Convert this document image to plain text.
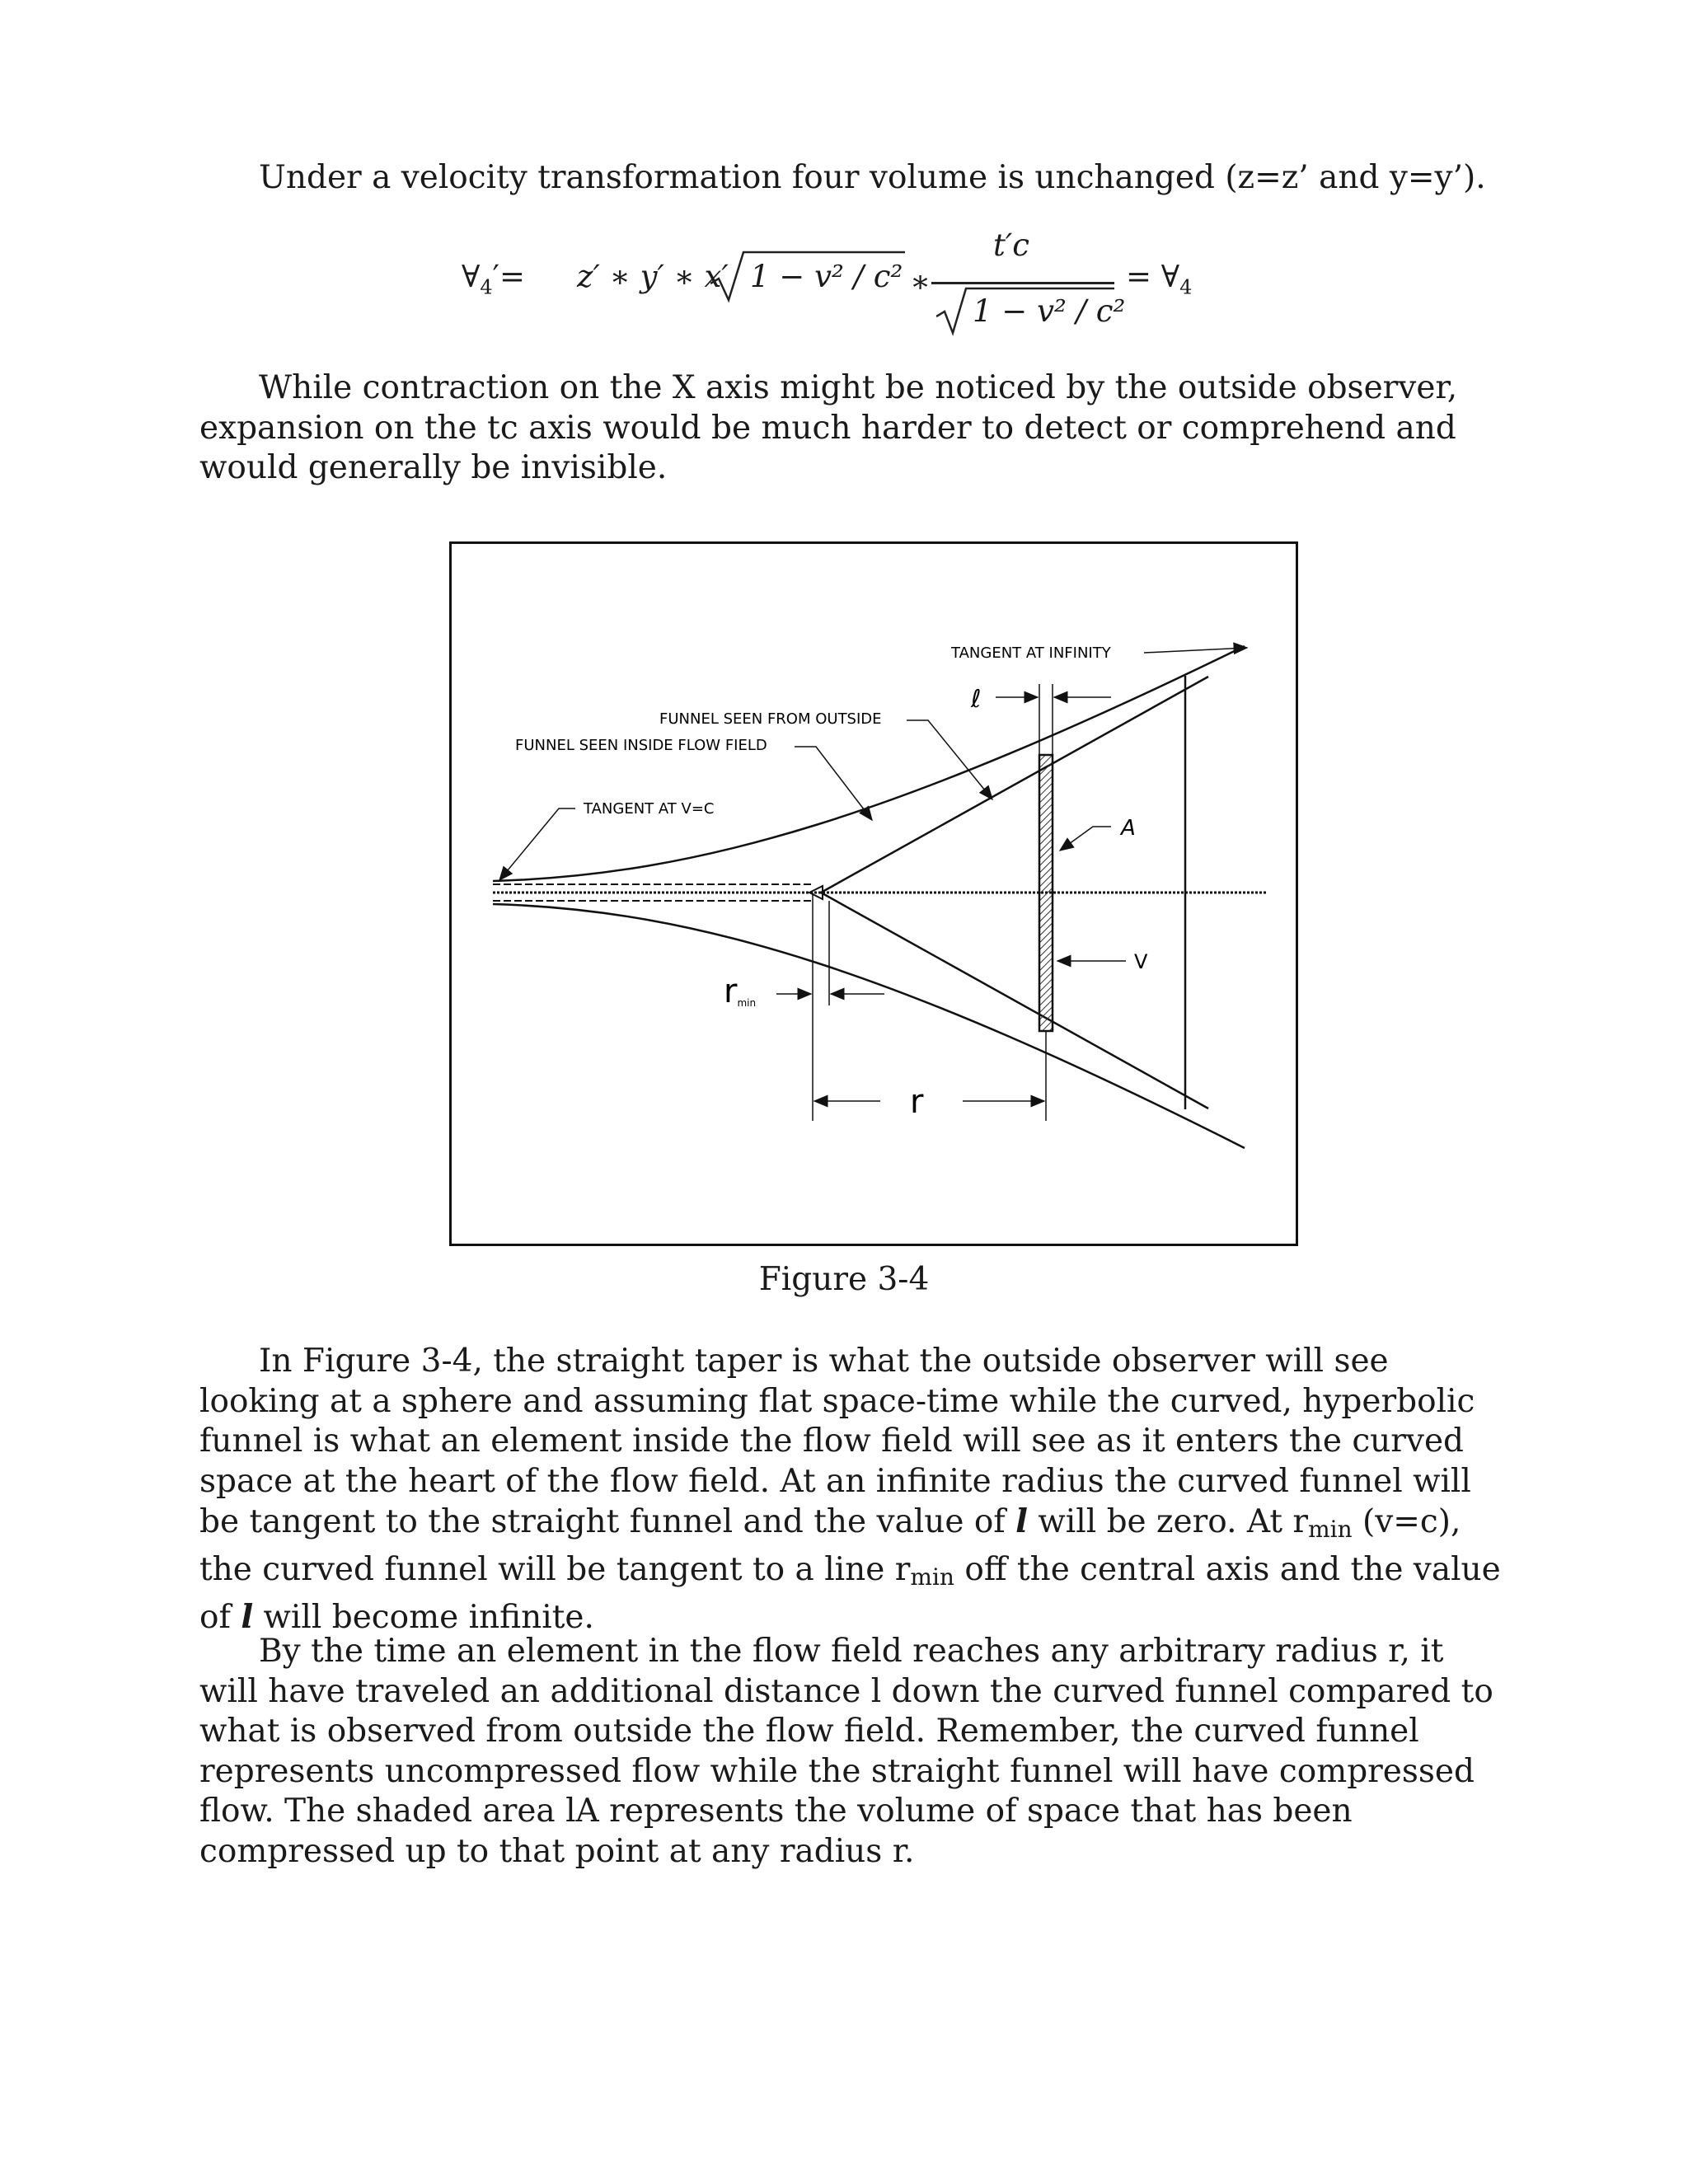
Under a velocity transformation four volume is unchanged (z=z’ and y=y’).

$\forall_4'= z'$ ∗ y′ ∗ x′ 1 − v² / c² ∗
t′c
1 − v² / c²
= $\forall_4$

While contraction on the X axis might be noticed by the outside observer, expansion on the tc axis would be much harder to detect or comprehend and would generally be invisible.

ℓ
TANGENT AT INFINITY
FUNNEL SEEN FROM OUTSIDE
FUNNEL SEEN INSIDE FLOW FIELD
TANGENT AT V=C
A
V
rmin
r
Figure 3-4

In Figure 3-4, the straight taper is what the outside observer will see looking at a sphere and assuming flat space-time while the curved, hyperbolic funnel is what an element inside the flow field will see as it enters the curved space at the heart of the flow field. At an infinite radius the curved funnel will be tangent to the straight funnel and the value of l will be zero. At $r_{min}$ (v=c), the curved funnel will be tangent to a line $r_{min}$ off the central axis and the value of l will become infinite.

By the time an element in the flow field reaches any arbitrary radius r, it will have traveled an additional distance l down the curved funnel compared to what is observed from outside the flow field. Remember, the curved funnel represents uncompressed flow while the straight funnel will have compressed flow. The shaded area lA represents the volume of space that has been compressed up to that point at any radius r.
